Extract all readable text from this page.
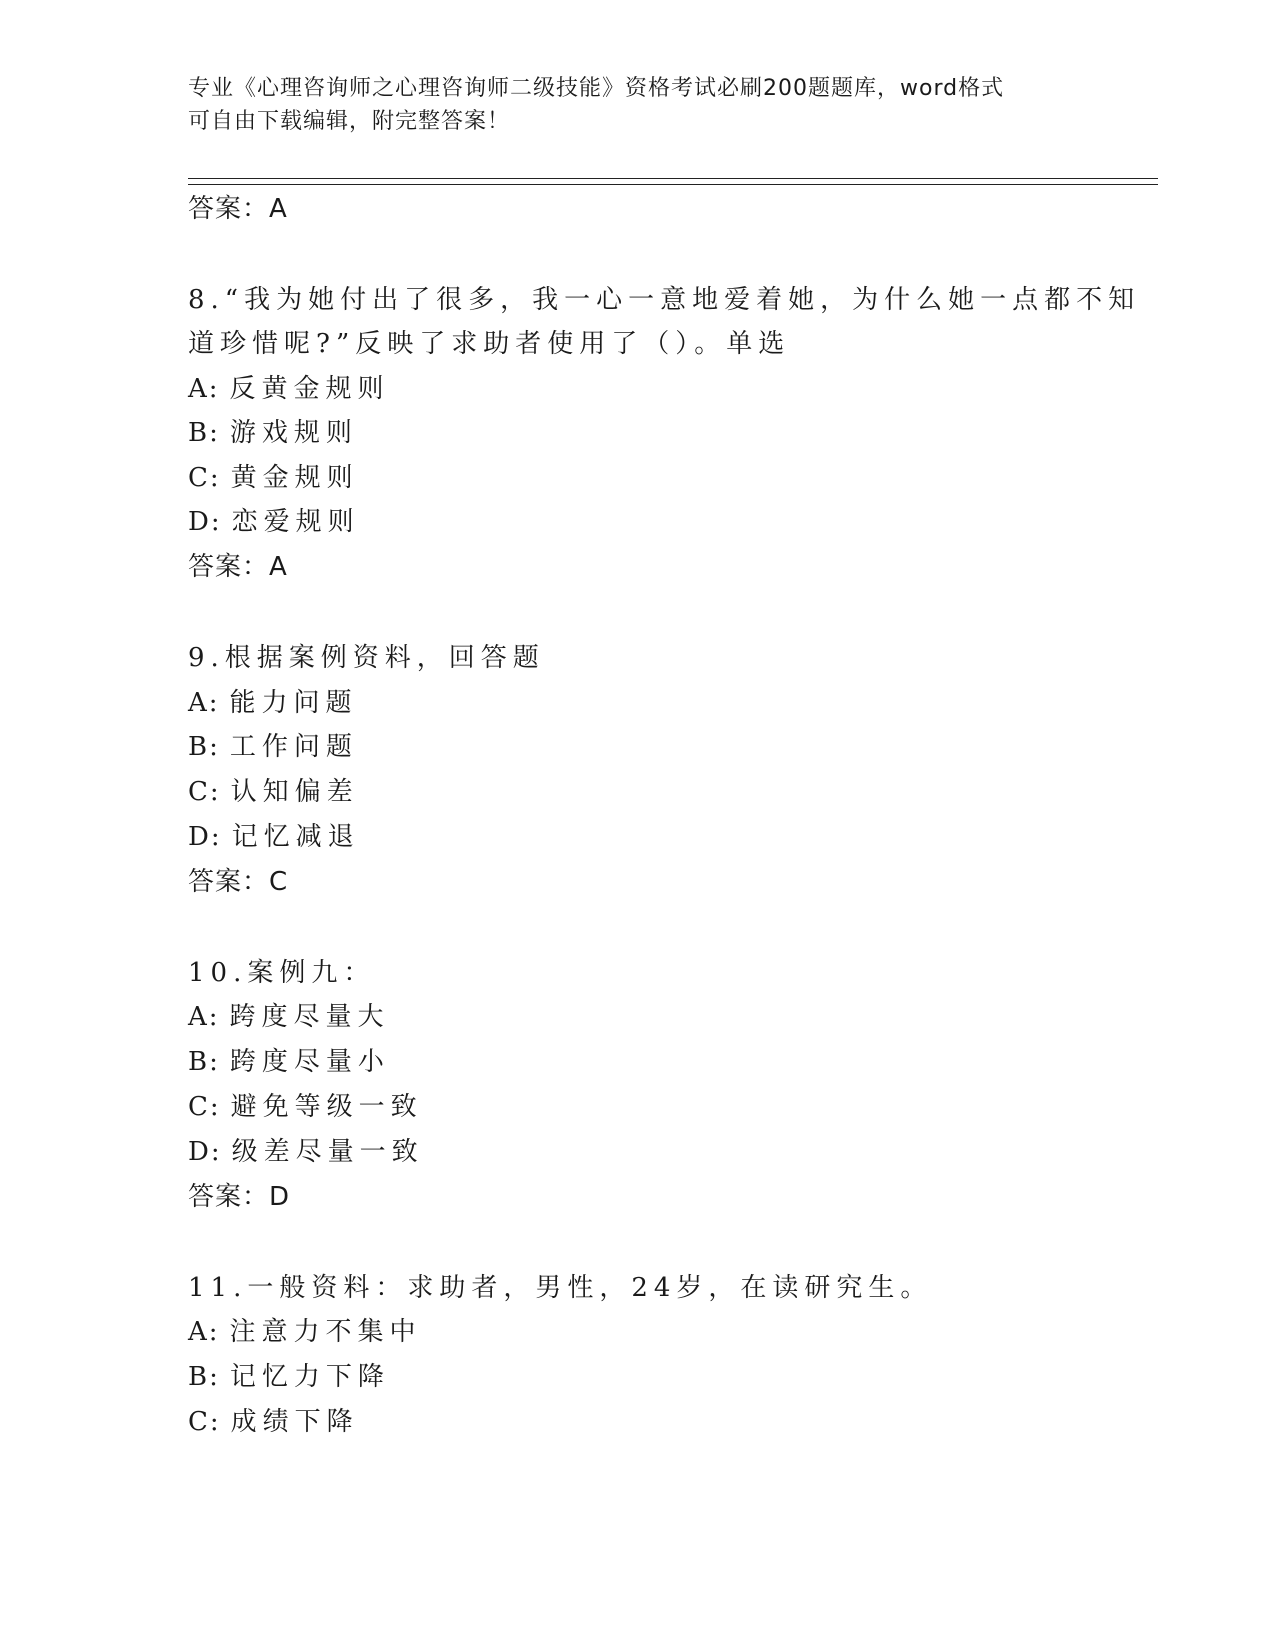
专业《心理咨询师之心理咨询师二级技能》资格考试必刷200题题库，word格式
可自由下载编辑，附完整答案！
答案：A
8.“我为她付出了很多，我一心一意地爱着她，为什么她一点都不知
道珍惜呢?”反映了求助者使用了（）。单选
A: 反黄金规则
B: 游戏规则
C: 黄金规则
D: 恋爱规则
答案：A
9.根据案例资料，回答题
A: 能力问题
B: 工作问题
C: 认知偏差
D: 记忆减退
答案：C
10.案例九：
A: 跨度尽量大
B: 跨度尽量小
C: 避免等级一致
D: 级差尽量一致
答案：D
11.一般资料：求助者，男性，24岁，在读研究生。
A: 注意力不集中
B: 记忆力下降
C: 成绩下降
